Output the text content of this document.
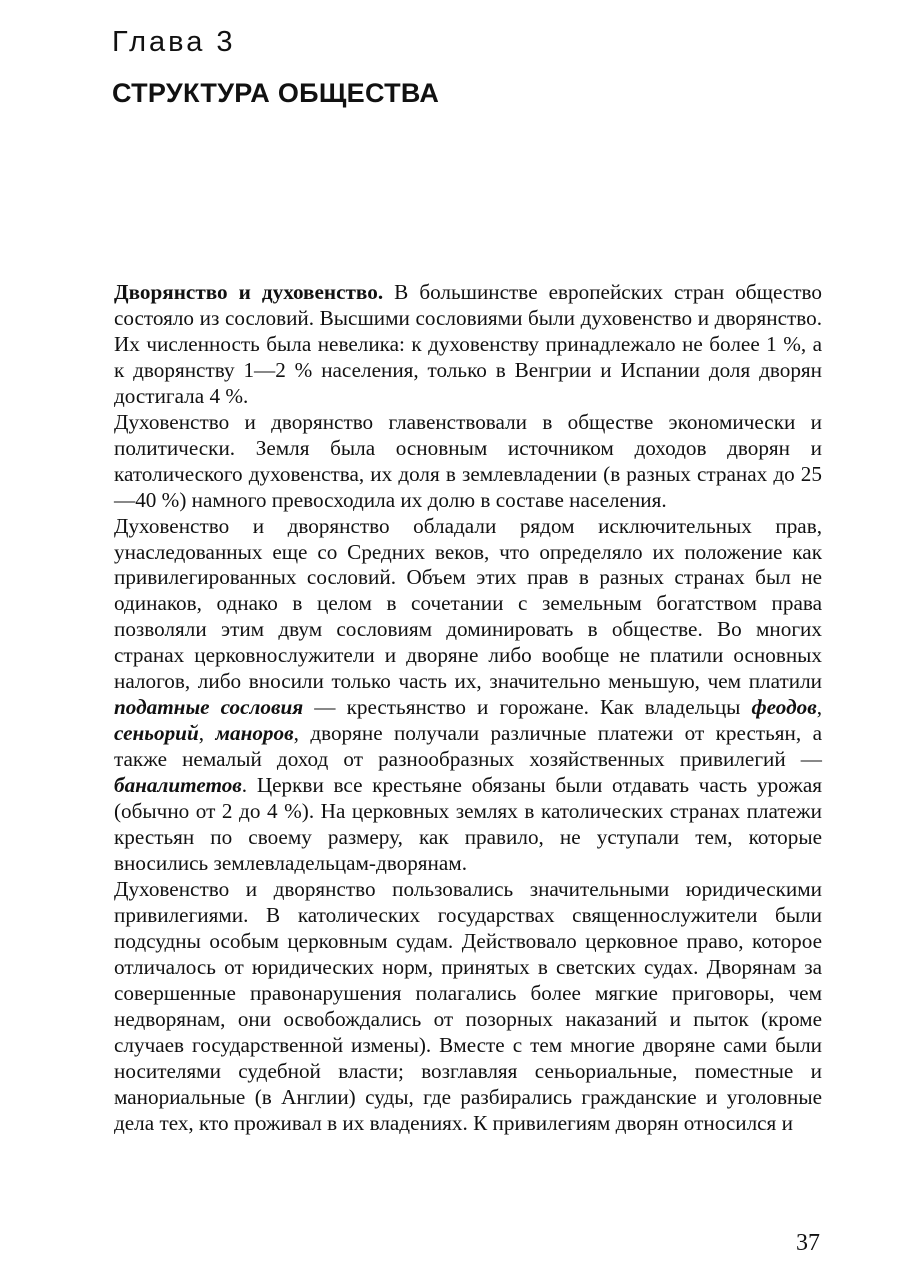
Глава 3
СТРУКТУРА ОБЩЕСТВА

Дворянство и духовенство. В большинстве европейских стран общество состояло из сословий. Высшими сословиями были духовенство и дворянство. Их численность была невелика: к духовенству принадлежало не более 1 %, а к дворянству 1—2 % населения, только в Венгрии и Испании доля дворян достигала 4 %.

Духовенство и дворянство главенствовали в обществе экономически и политически. Земля была основным источником доходов дворян и католического духовенства, их доля в землевладении (в разных странах до 25—40 %) намного превосходила их долю в составе населения.

Духовенство и дворянство обладали рядом исключительных прав, унаследованных еще со Средних веков, что определяло их положение как привилегированных сословий. Объем этих прав в разных странах был не одинаков, однако в целом в сочетании с земельным богатством права позволяли этим двум сословиям доминировать в обществе. Во многих странах церковнослужители и дворяне либо вообще не платили основных налогов, либо вносили только часть их, значительно меньшую, чем платили податные сословия — крестьянство и горожане. Как владельцы феодов, сеньорий, маноров, дворяне получали различные платежи от крестьян, а также немалый доход от разнообразных хозяйственных привилегий — баналитетов. Церкви все крестьяне обязаны были отдавать часть урожая (обычно от 2 до 4 %). На церковных землях в католических странах платежи крестьян по своему размеру, как правило, не уступали тем, которые вносились землевладельцам-дворянам.

Духовенство и дворянство пользовались значительными юридическими привилегиями. В католических государствах священнослужители были подсудны особым церковным судам. Действовало церковное право, которое отличалось от юридических норм, принятых в светских судах. Дворянам за совершенные правонарушения полагались более мягкие приговоры, чем недворянам, они освобождались от позорных наказаний и пыток (кроме случаев государственной измены). Вместе с тем многие дворяне сами были носителями судебной власти; возглавляя сеньориальные, поместные и манориальные (в Англии) суды, где разбирались гражданские и уголовные дела тех, кто проживал в их владениях. К привилегиям дворян относился и

37
